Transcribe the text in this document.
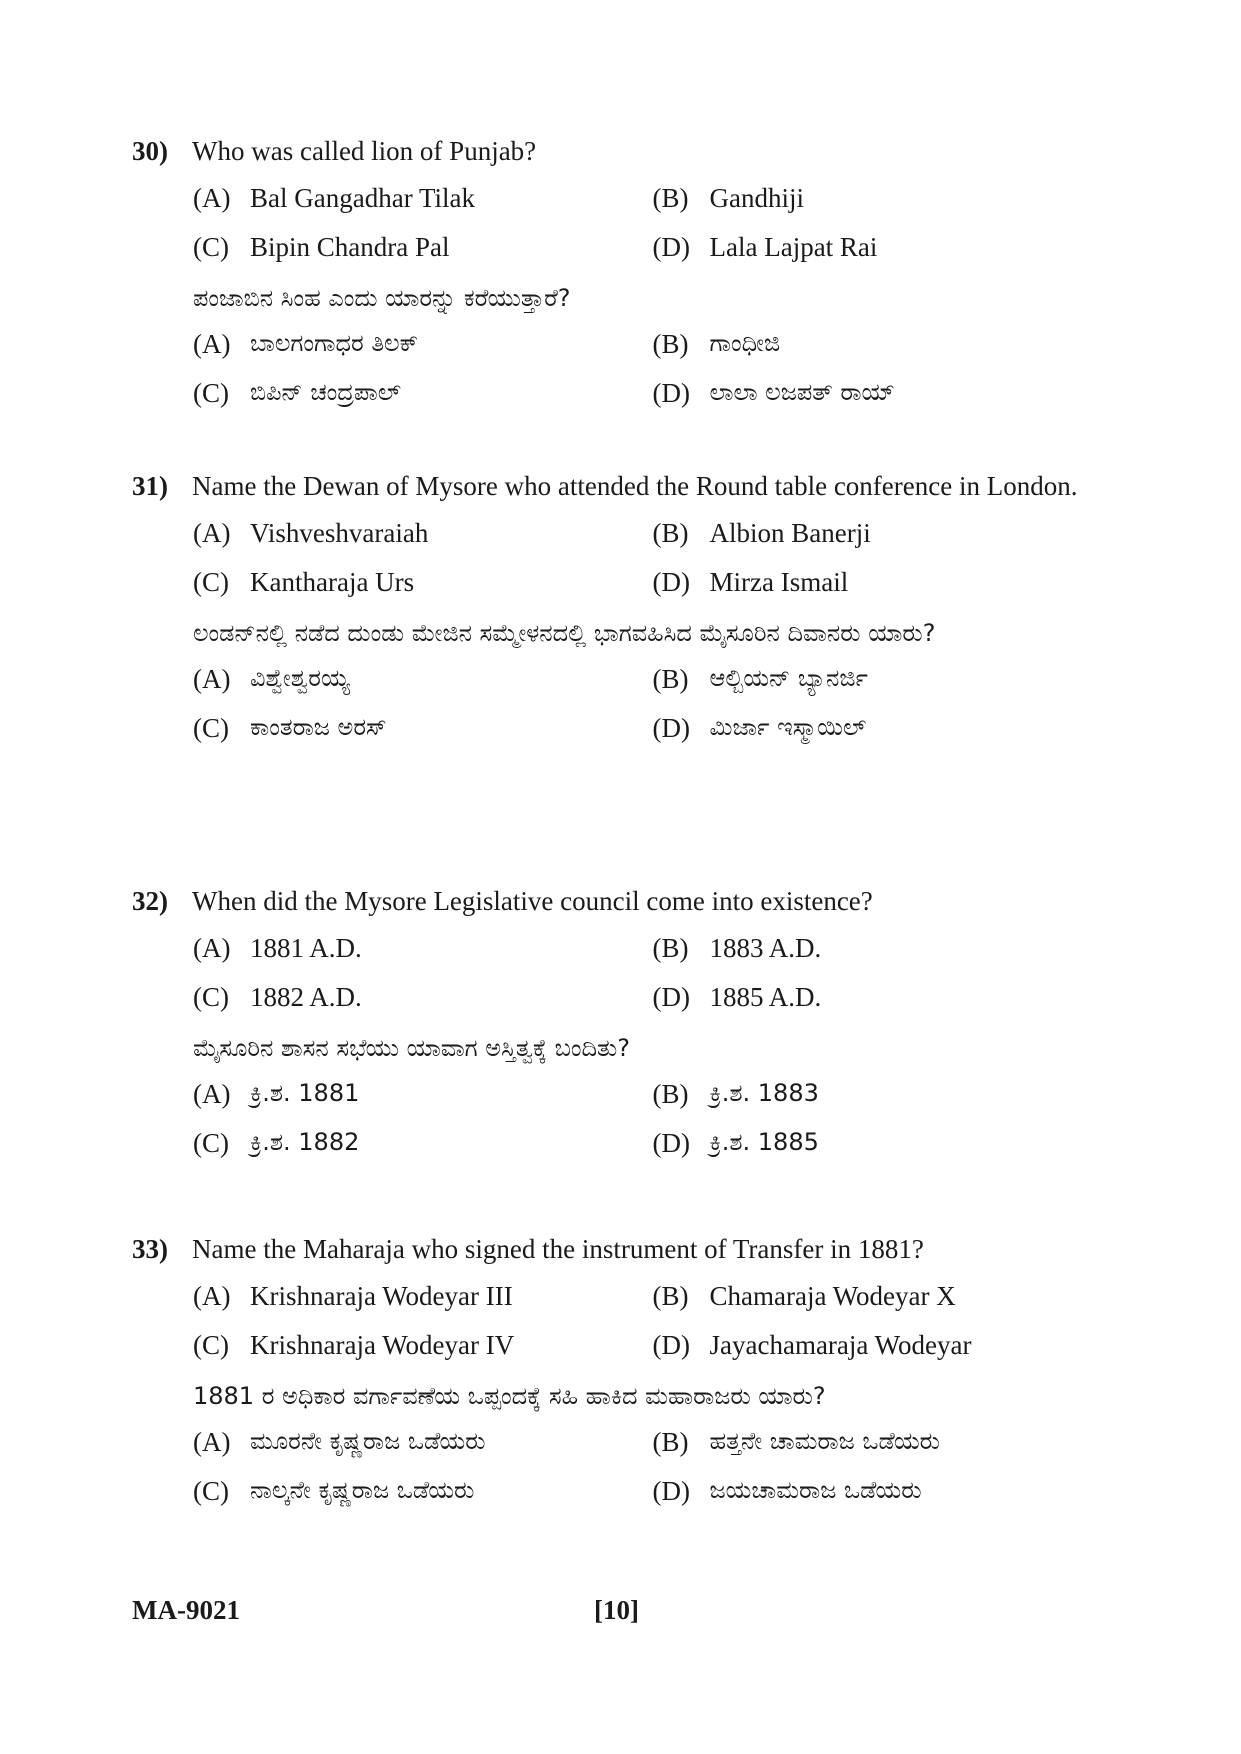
30) Who was called lion of Punjab?
(A) Bal Gangadhar Tilak	(B) Gandhiji
(C) Bipin Chandra Pal	(D) Lala Lajpat Rai
ಪಂಜಾಬಿನ ಸಿಂಹ ಎಂದು ಯಾರನ್ನು ಕರೆಯುತ್ತಾರೆ?
(A) ಬಾಲಗಂಗಾಧರ ತಿಲಕ್	(B) ಗಾಂಧೀಜಿ
(C) ಬಿಪಿನ್ ಚಂದ್ರಪಾಲ್	(D) ಲಾಲಾ ಲಜಪತ್ ರಾಯ್
31) Name the Dewan of Mysore who attended the Round table conference in London.
(A) Vishveshvaraiah	(B) Albion Banerji
(C) Kantharaja Urs	(D) Mirza Ismail
ಲಂಡನ್‌ನಲ್ಲಿ ನಡೆದ ದುಂಡು ಮೇಜಿನ ಸಮ್ಮೇಳನದಲ್ಲಿ ಭಾಗವಹಿಸಿದ ಮೈಸೂರಿನ ದಿವಾನರು ಯಾರು?
(A) ವಿಶ್ವೇಶ್ವರಯ್ಯ	(B) ಆಲ್ಬಿಯನ್ ಬ್ಯಾನರ್ಜಿ
(C) ಕಾಂತರಾಜ ಅರಸ್	(D) ಮಿರ್ಜಾ ಇಸ್ಮಾಯಿಲ್
32) When did the Mysore Legislative council come into existence?
(A) 1881 A.D.	(B) 1883 A.D.
(C) 1882 A.D.	(D) 1885 A.D.
ಮೈಸೂರಿನ ಶಾಸನ ಸಭೆಯು ಯಾವಾಗ ಅಸ್ತಿತ್ವಕ್ಕೆ ಬಂದಿತು?
(A) ಕ್ರಿ.ಶ. 1881	(B) ಕ್ರಿ.ಶ. 1883
(C) ಕ್ರಿ.ಶ. 1882	(D) ಕ್ರಿ.ಶ. 1885
33) Name the Maharaja who signed the instrument of Transfer in 1881?
(A) Krishnaraja Wodeyar III	(B) Chamaraja Wodeyar X
(C) Krishnaraja Wodeyar IV	(D) Jayachamaraja Wodeyar
1881 ರ ಅಧಿಕಾರ ವರ್ಗಾವಣೆಯ ಒಪ್ಪಂದಕ್ಕೆ ಸಹಿ ಹಾಕಿದ ಮಹಾರಾಜರು ಯಾರು?
(A) ಮೂರನೇ ಕೃಷ್ಣರಾಜ ಒಡೆಯರು	(B) ಹತ್ತನೇ ಚಾಮರಾಜ ಒಡೆಯರು
(C) ನಾಲ್ಕನೇ ಕೃಷ್ಣರಾಜ ಒಡೆಯರು	(D) ಜಯಚಾಮರಾಜ ಒಡೆಯರು
MA-9021	[10]
